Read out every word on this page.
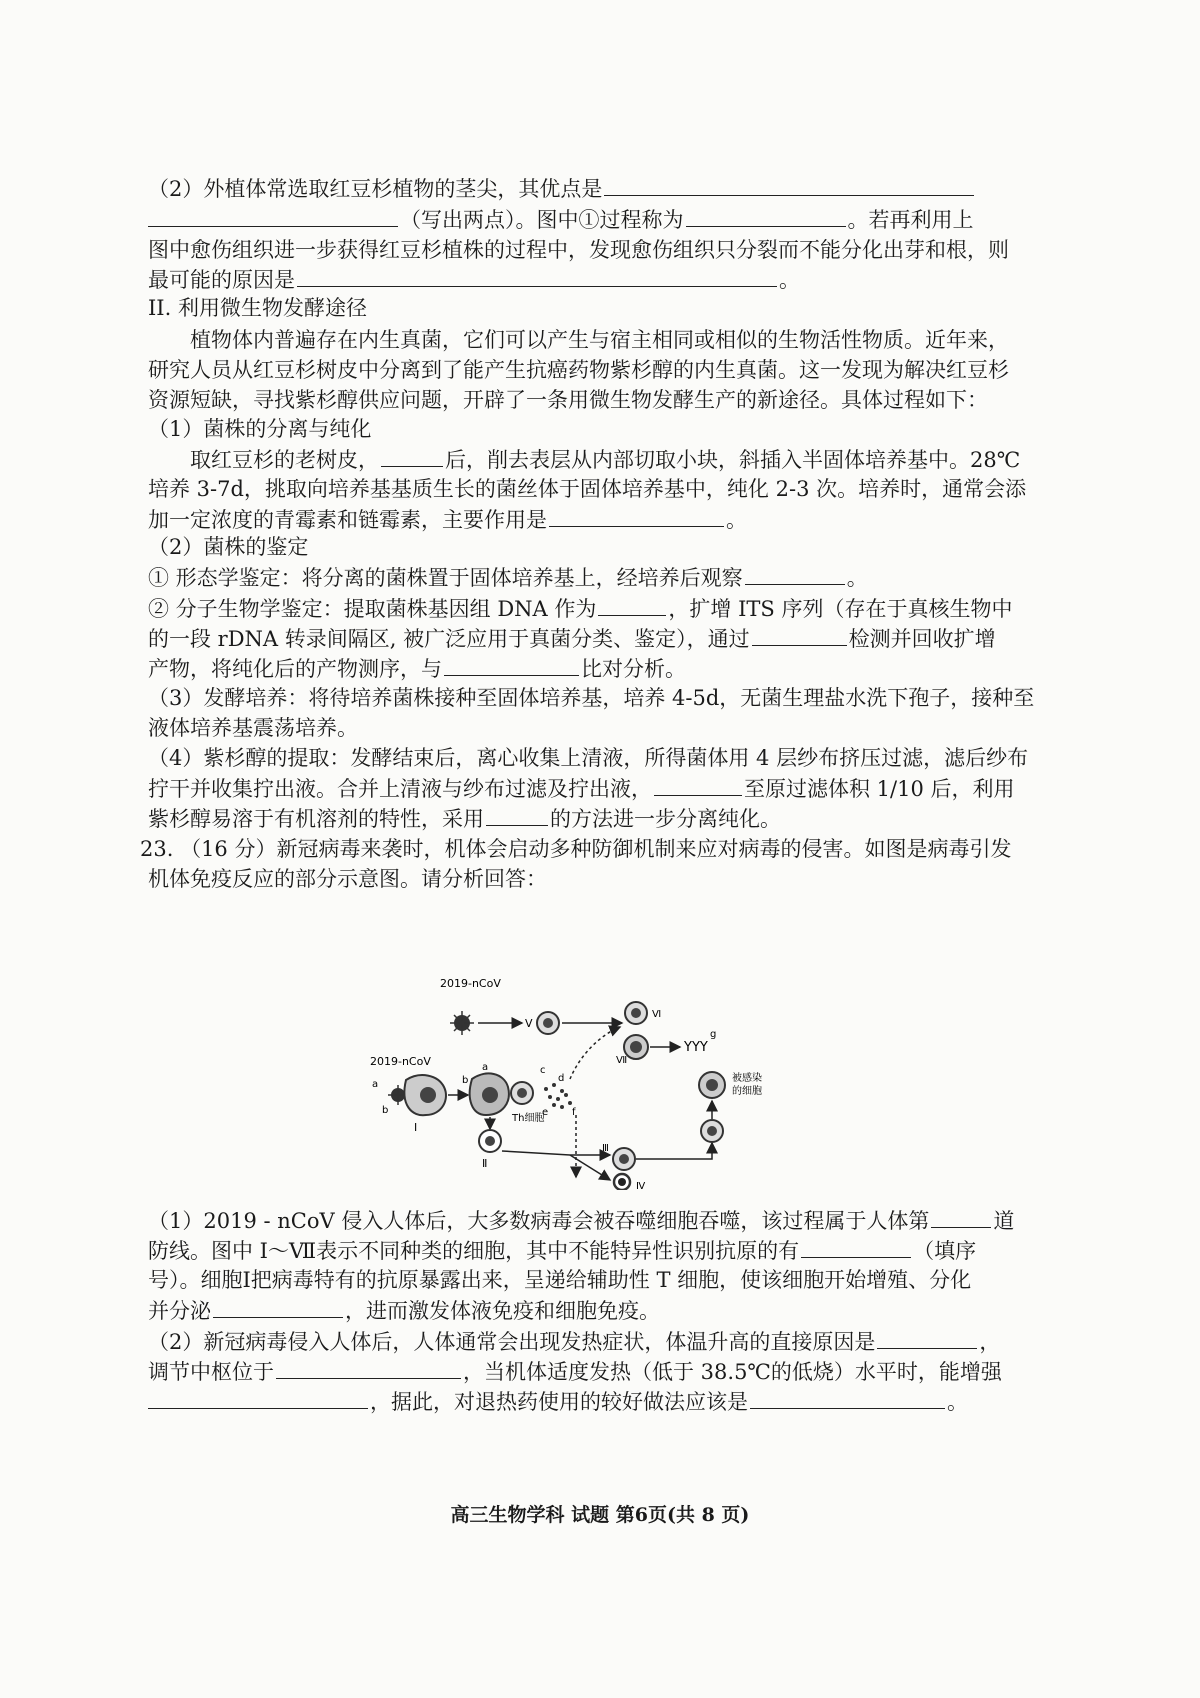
（2）外植体常选取红豆杉植物的茎尖，其优点是
（写出两点）。图中①过程称为	。若再利用上
图中愈伤组织进一步获得红豆杉植株的过程中，发现愈伤组织只分裂而不能分化出芽和根，则
最可能的原因是	。
II. 利用微生物发酵途径
植物体内普遍存在内生真菌，它们可以产生与宿主相同或相似的生物活性物质。近年来，
研究人员从红豆杉树皮中分离到了能产生抗癌药物紫杉醇的内生真菌。这一发现为解决红豆杉
资源短缺，寻找紫杉醇供应问题，开辟了一条用微生物发酵生产的新途径。具体过程如下：
（1）菌株的分离与纯化
取红豆杉的老树皮，	后，削去表层从内部切取小块，斜插入半固体培养基中。28℃
培养 3-7d，挑取向培养基基质生长的菌丝体于固体培养基中，纯化 2-3 次。培养时，通常会添
加一定浓度的青霉素和链霉素，主要作用是	。
（2）菌株的鉴定
① 形态学鉴定：将分离的菌株置于固体培养基上，经培养后观察	。
② 分子生物学鉴定：提取菌株基因组 DNA 作为	，扩增 ITS 序列（存在于真核生物中
的一段 rDNA 转录间隔区, 被广泛应用于真菌分类、鉴定），通过	检测并回收扩增
产物，将纯化后的产物测序，与	比对分析。
（3）发酵培养：将待培养菌株接种至固体培养基，培养 4-5d，无菌生理盐水洗下孢子，接种至
液体培养基震荡培养。
（4）紫杉醇的提取：发酵结束后，离心收集上清液，所得菌体用 4 层纱布挤压过滤，滤后纱布
拧干并收集拧出液。合并上清液与纱布过滤及拧出液，	至原过滤体积 1/10 后，利用
紫杉醇易溶于有机溶剂的特性，采用	的方法进一步分离纯化。
23. （16 分）新冠病毒来袭时，机体会启动多种防御机制来应对病毒的侵害。如图是病毒引发
机体免疫反应的部分示意图。请分析回答：
2019-nCoV
Ⅴ
Ⅵ
Ⅶ
YYY
g
2019-nCoV
a
b
Ⅰ
a
b
Th细胞
c
d
e f
Ⅱ
Ⅲ
Ⅳ
被感染
的细胞
（1）2019 - nCoV 侵入人体后，大多数病毒会被吞噬细胞吞噬，该过程属于人体第	道
防线。图中 Ⅰ～Ⅶ表示不同种类的细胞，其中不能特异性识别抗原的有	（填序
号）。细胞Ⅰ把病毒特有的抗原暴露出来，呈递给辅助性 T 细胞，使该细胞开始增殖、分化
并分泌	，进而激发体液免疫和细胞免疫。
（2）新冠病毒侵入人体后，人体通常会出现发热症状，体温升高的直接原因是	，
调节中枢位于	，当机体适度发热（低于 38.5℃的低烧）水平时，能增强
，据此，对退热药使用的较好做法应该是	。
高三生物学科 试题 第6页(共 8 页)
